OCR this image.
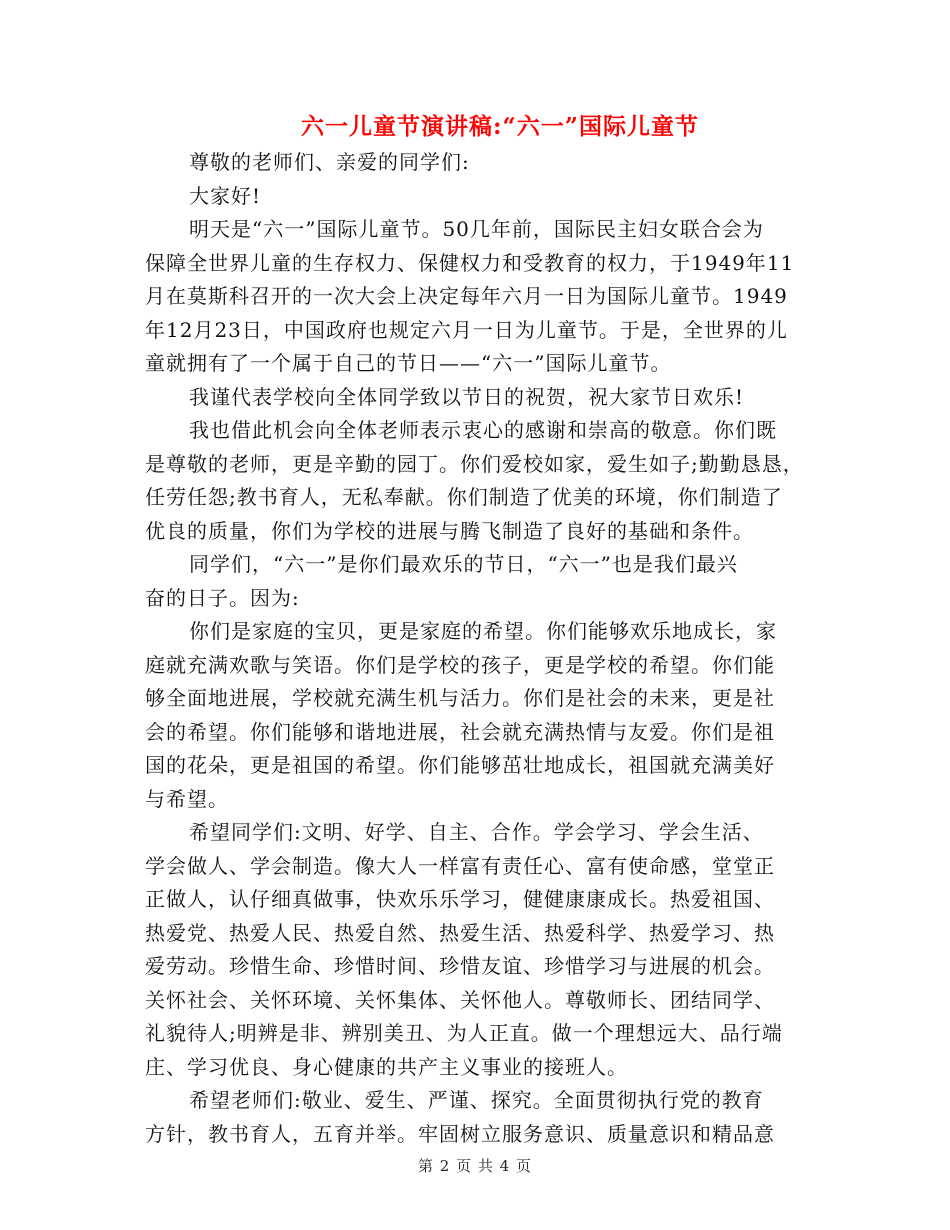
六一儿童节演讲稿:“六一”国际儿童节
尊敬的老师们、亲爱的同学们:
大家好!
明天是“六一”国际儿童节。50几年前，国际民主妇女联合会为
保障全世界儿童的生存权力、保健权力和受教育的权力，于1949年11
月在莫斯科召开的一次大会上决定每年六月一日为国际儿童节。1949
年12月23日，中国政府也规定六月一日为儿童节。于是，全世界的儿
童就拥有了一个属于自己的节日——“六一”国际儿童节。
我谨代表学校向全体同学致以节日的祝贺，祝大家节日欢乐!
我也借此机会向全体老师表示衷心的感谢和崇高的敬意。你们既
是尊敬的老师，更是辛勤的园丁。你们爱校如家，爱生如子;勤勤恳恳，
任劳任怨;教书育人，无私奉献。你们制造了优美的环境，你们制造了
优良的质量，你们为学校的进展与腾飞制造了良好的基础和条件。
同学们，“六一”是你们最欢乐的节日，“六一”也是我们最兴
奋的日子。因为:
你们是家庭的宝贝，更是家庭的希望。你们能够欢乐地成长，家
庭就充满欢歌与笑语。你们是学校的孩子，更是学校的希望。你们能
够全面地进展，学校就充满生机与活力。你们是社会的未来，更是社
会的希望。你们能够和谐地进展，社会就充满热情与友爱。你们是祖
国的花朵，更是祖国的希望。你们能够茁壮地成长，祖国就充满美好
与希望。
希望同学们:文明、好学、自主、合作。学会学习、学会生活、
学会做人、学会制造。像大人一样富有责任心、富有使命感，堂堂正
正做人，认仔细真做事，快欢乐乐学习，健健康康成长。热爱祖国、
热爱党、热爱人民、热爱自然、热爱生活、热爱科学、热爱学习、热
爱劳动。珍惜生命、珍惜时间、珍惜友谊、珍惜学习与进展的机会。
关怀社会、关怀环境、关怀集体、关怀他人。尊敬师长、团结同学、
礼貌待人;明辨是非、辨别美丑、为人正直。做一个理想远大、品行端
庄、学习优良、身心健康的共产主义事业的接班人。
希望老师们:敬业、爱生、严谨、探究。全面贯彻执行党的教育
方针，教书育人，五育并举。牢固树立服务意识、质量意识和精品意
第 2 页 共 4 页
